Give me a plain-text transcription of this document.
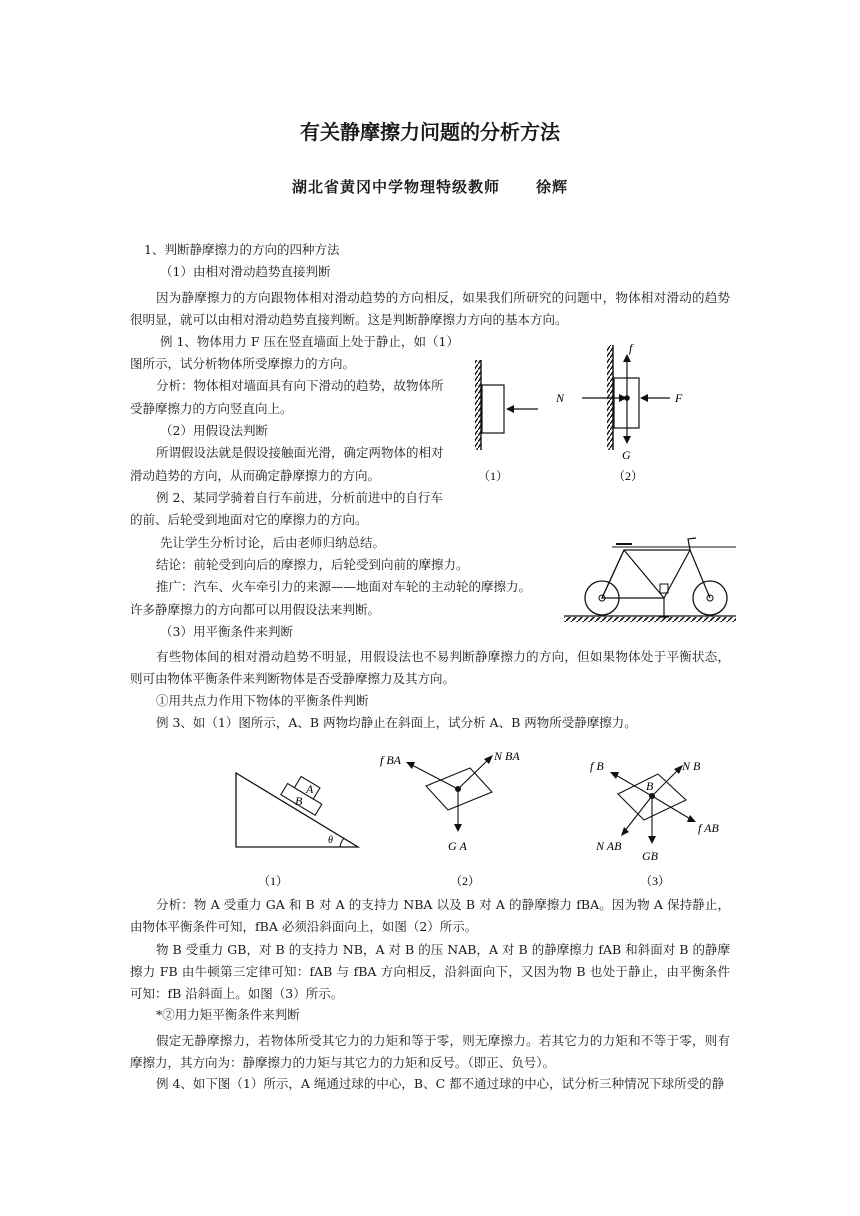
有关静摩擦力问题的分析方法
湖北省黄冈中学物理特级教师 徐辉
1、判断静摩擦力的方向的四种方法
（1）由相对滑动趋势直接判断
因为静摩擦力的方向跟物体相对滑动趋势的方向相反，如果我们所研究的问题中，物体相对滑动的趋势很明显，就可以由相对滑动趋势直接判断。这是判断静摩擦力方向的基本方向。
例 1、物体用力 F 压在竖直墙面上处于静止，如（1）
图所示，试分析物体所受摩擦力的方向。
分析：物体相对墙面具有向下滑动的趋势，故物体所
受静摩擦力的方向竖直向上。
（2）用假设法判断
所谓假设法就是假设接触面光滑，确定两物体的相对
滑动趋势的方向，从而确定静摩擦力的方向。
例 2、某同学骑着自行车前进，分析前进中的自行车
的前、后轮受到地面对它的摩擦力的方向。
先让学生分析讨论，后由老师归纳总结。
结论：前轮受到向后的摩擦力，后轮受到向前的摩擦力。
推广：汽车、火车牵引力的来源——地面对车轮的主动轮的摩擦力。
许多静摩擦力的方向都可以用假设法来判断。
（3）用平衡条件来判断
有些物体间的相对滑动趋势不明显，用假设法也不易判断静摩擦力的方向，但如果物体处于平衡状态，则可由物体平衡条件来判断物体是否受静摩擦力及其方向。
①用共点力作用下物体的平衡条件判断
例 3、如（1）图所示，A、B 两物均静止在斜面上，试分析 A、B 两物所受静摩擦力。
分析：物 A 受重力 GA 和 B 对 A 的支持力 NBA 以及 B 对 A 的静摩擦力 fBA。因为物 A 保持静止，由物体平衡条件可知，fBA 必须沿斜面向上，如图（2）所示。
物 B 受重力 GB，对 B 的支持力 NB，A 对 B 的压 NAB，A 对 B 的静摩擦力 fAB 和斜面对 B 的静摩擦力 FB 由牛顿第三定律可知：fAB 与 fBA 方向相反，沿斜面向下，又因为物 B 也处于静止，由平衡条件可知：fB 沿斜面上。如图（3）所示。
*②用力矩平衡条件来判断
假定无静摩擦力，若物体所受其它力的力矩和等于零，则无摩擦力。若其它力的力矩和不等于零，则有摩擦力，其方向为：静摩擦力的力矩与其它力的力矩和反号。（即正、负号）。
例 4、如下图（1）所示，A 绳通过球的中心，B、C 都不通过球的中心，试分析三种情况下球所受的静
（1）
f
N	F
G
（2）
A
B
θ
（1）
f BA	N BA
G A
（2）
f B	N B
B
f AB
N AB
GB
（3）
